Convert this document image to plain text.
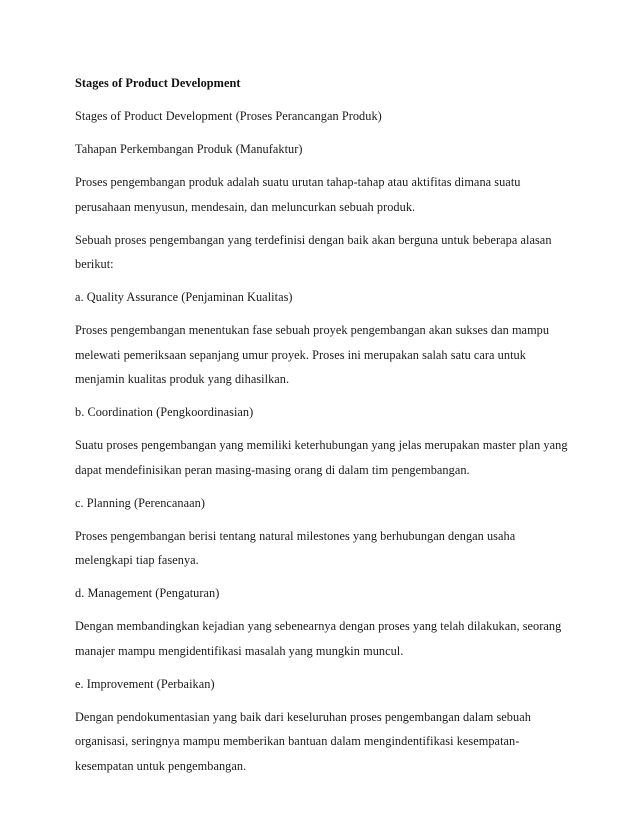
Stages of Product Development

Stages of Product Development (Proses Perancangan Produk)

Tahapan Perkembangan Produk (Manufaktur)

Proses pengembangan produk adalah suatu urutan tahap-tahap atau aktifitas dimana suatu perusahaan menyusun, mendesain, dan meluncurkan sebuah produk.

Sebuah proses pengembangan yang terdefinisi dengan baik akan berguna untuk beberapa alasan berikut:

a. Quality Assurance (Penjaminan Kualitas)

Proses pengembangan menentukan fase sebuah proyek pengembangan akan sukses dan mampu melewati pemeriksaan sepanjang umur proyek. Proses ini merupakan salah satu cara untuk menjamin kualitas produk yang dihasilkan.

b. Coordination (Pengkoordinasian)

Suatu proses pengembangan yang memiliki keterhubungan yang jelas merupakan master plan yang dapat mendefinisikan peran masing-masing orang di dalam tim pengembangan.

c. Planning (Perencanaan)

Proses pengembangan berisi tentang natural milestones yang berhubungan dengan usaha melengkapi tiap fasenya.

d. Management (Pengaturan)

Dengan membandingkan kejadian yang sebenearnya dengan proses yang telah dilakukan, seorang manajer mampu mengidentifikasi masalah yang mungkin muncul.

e. Improvement (Perbaikan)

Dengan pendokumentasian yang baik dari keseluruhan proses pengembangan dalam sebuah organisasi, seringnya mampu memberikan bantuan dalam mengindentifikasi kesempatan-kesempatan untuk pengembangan.
